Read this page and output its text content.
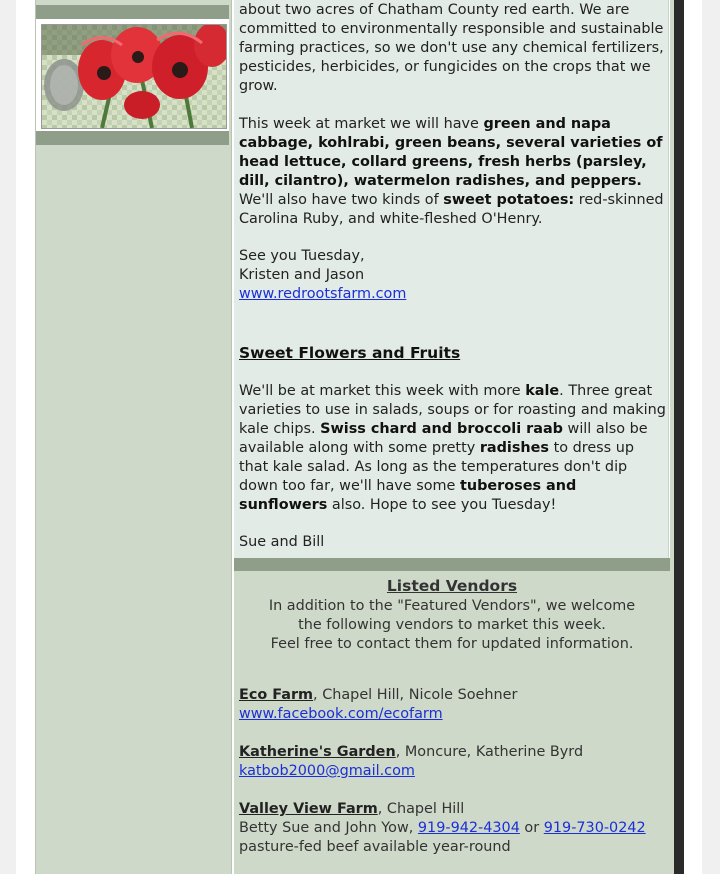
about two acres of Chatham County red earth. We are

committed to environmentally responsible and sustainable

farming practices, so we don't use any chemical fertilizers,

pesticides, herbicides, or fungicides on the crops that we

grow.

This week at market we will have green and napa cabbage, kohlrabi, green beans, several varieties of head lettuce, collard greens, fresh herbs (parsley, dill, cilantro), watermelon radishes, and peppers. We'll also have two kinds of sweet potatoes: red-skinned Carolina Ruby, and white-fleshed O'Henry.

See you Tuesday,

Kristen and Jason

www.redrootsfarm.com

Sweet Flowers and Fruits
We'll be at market this week with more kale. Three great varieties to use in salads, soups or for roasting and making kale chips. Swiss chard and broccoli raab will also be available along with some pretty radishes to dress up that kale salad. As long as the temperatures don't dip down too far, we'll have some tuberoses and sunflowers also. Hope to see you Tuesday!
Sue and Bill
Listed Vendors
In addition to the "Featured Vendors", we welcome
the following vendors to market this week.
Feel free to contact them for updated information.

Eco Farm, Chapel Hill, Nicole Soehner

www.facebook.com/ecofarm

Katherine's Garden, Moncure, Katherine Byrd

katbob2000@gmail.com

Valley View Farm, Chapel Hill

Betty Sue and John Yow, 919-942-4304 or 919-730-0242

pasture-fed beef available year-round
